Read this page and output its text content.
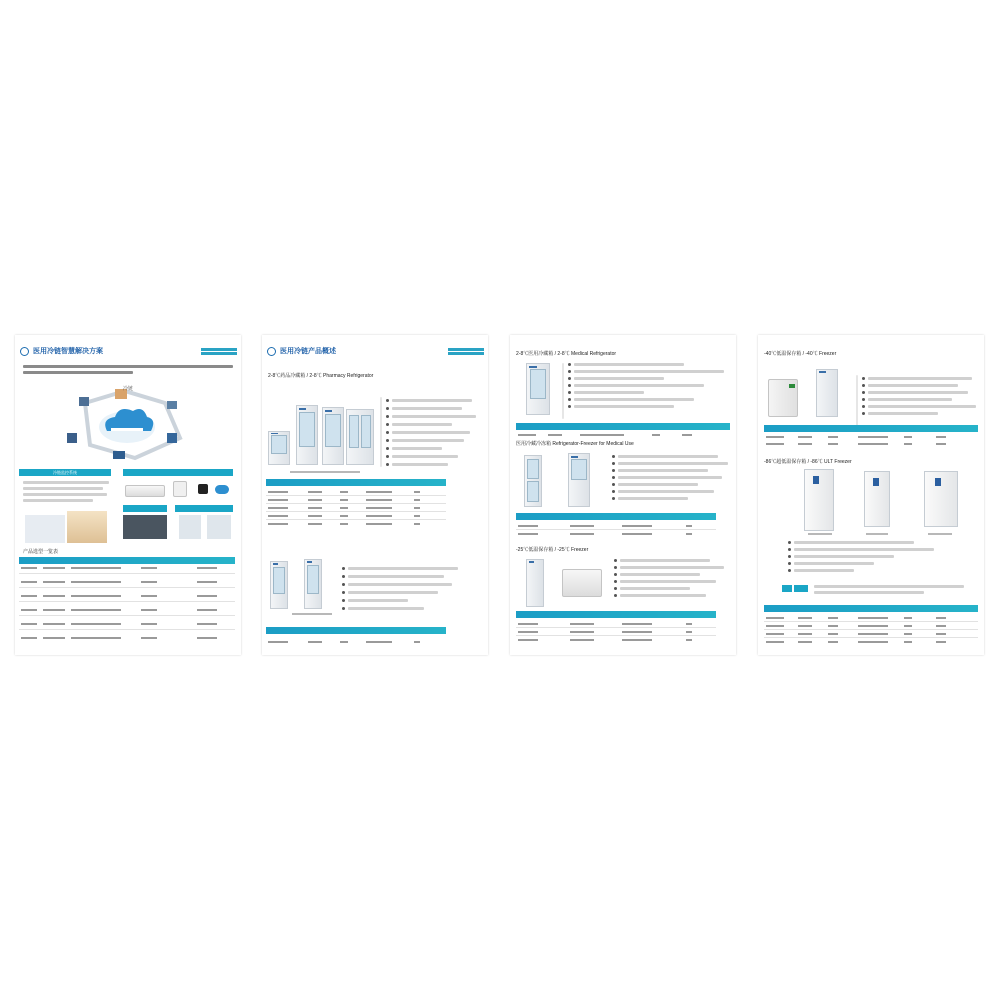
医用冷链智慧解决方案
冷链
冷链监控系统
产品选型一览表
医用冷链产品概述
2-8℃药品冷藏箱 / 2-8℃ Pharmacy Refrigerator
2-8℃医用冷藏箱 / 2-8℃ Medical Refrigerator
医用冷藏冷冻箱 Refrigerator-Freezer for Medical Use
-25℃低温保存箱 / -25℃ Freezer
-40℃低温保存箱 / -40℃ Freezer
-86℃超低温保存箱 / -86℃ ULT Freezer
